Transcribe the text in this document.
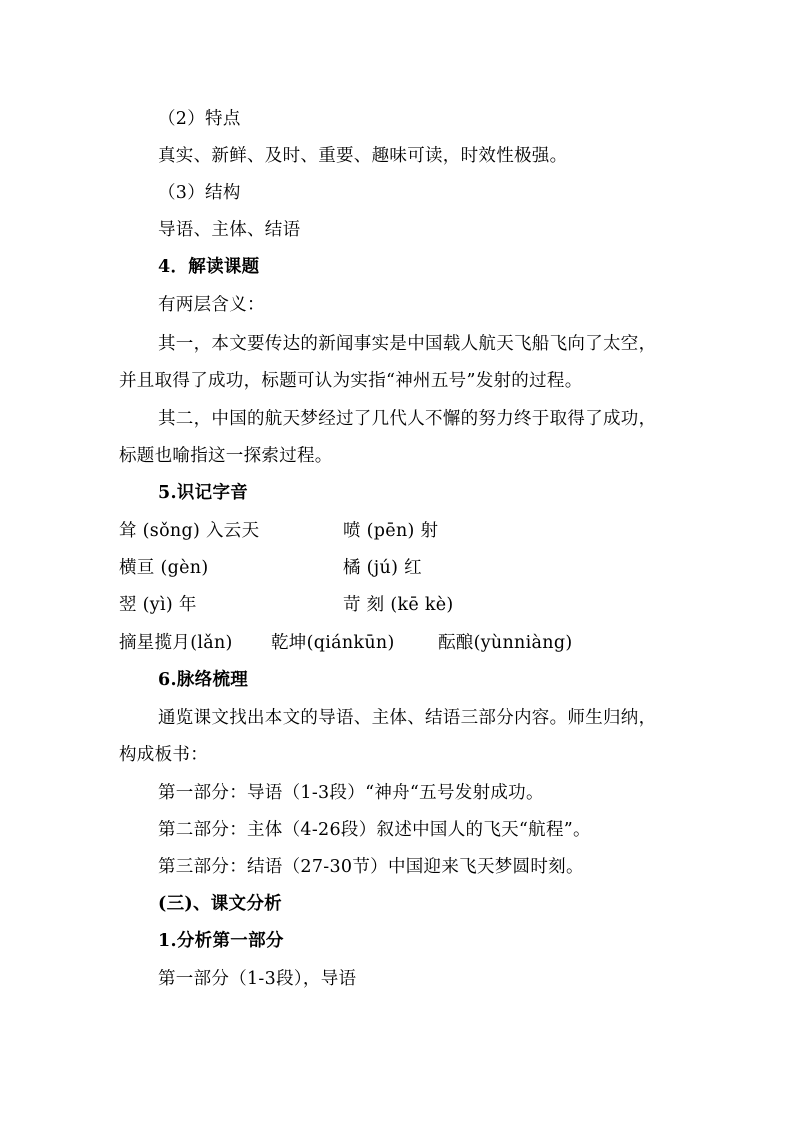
（2）特点
真实、新鲜、及时、重要、趣味可读，时效性极强。
（3）结构
导语、主体、结语
4．解读课题
有两层含义：
其一，本文要传达的新闻事实是中国载人航天飞船飞向了太空，
并且取得了成功，标题可认为实指“神州五号”发射的过程。
其二，中国的航天梦经过了几代人不懈的努力终于取得了成功，
标题也喻指这一探索过程。
5.识记字音
耸 (sǒng) 入云天	喷 (pēn) 射
横亘 (gèn)	橘 (jú) 红
翌 (yì) 年	苛 刻 (kē kè)
摘星揽月(lǎn) 乾坤(qiánkūn) 酝酿(yùnniàng)
6.脉络梳理
通览课文找出本文的导语、主体、结语三部分内容。师生归纳，
构成板书：
第一部分：导语（1-3段）“神舟“五号发射成功。
第二部分：主体（4-26段）叙述中国人的飞天“航程”。
第三部分：结语（27-30节）中国迎来飞天梦圆时刻。
(三)、课文分析
1.分析第一部分
第一部分（1-3段），导语
